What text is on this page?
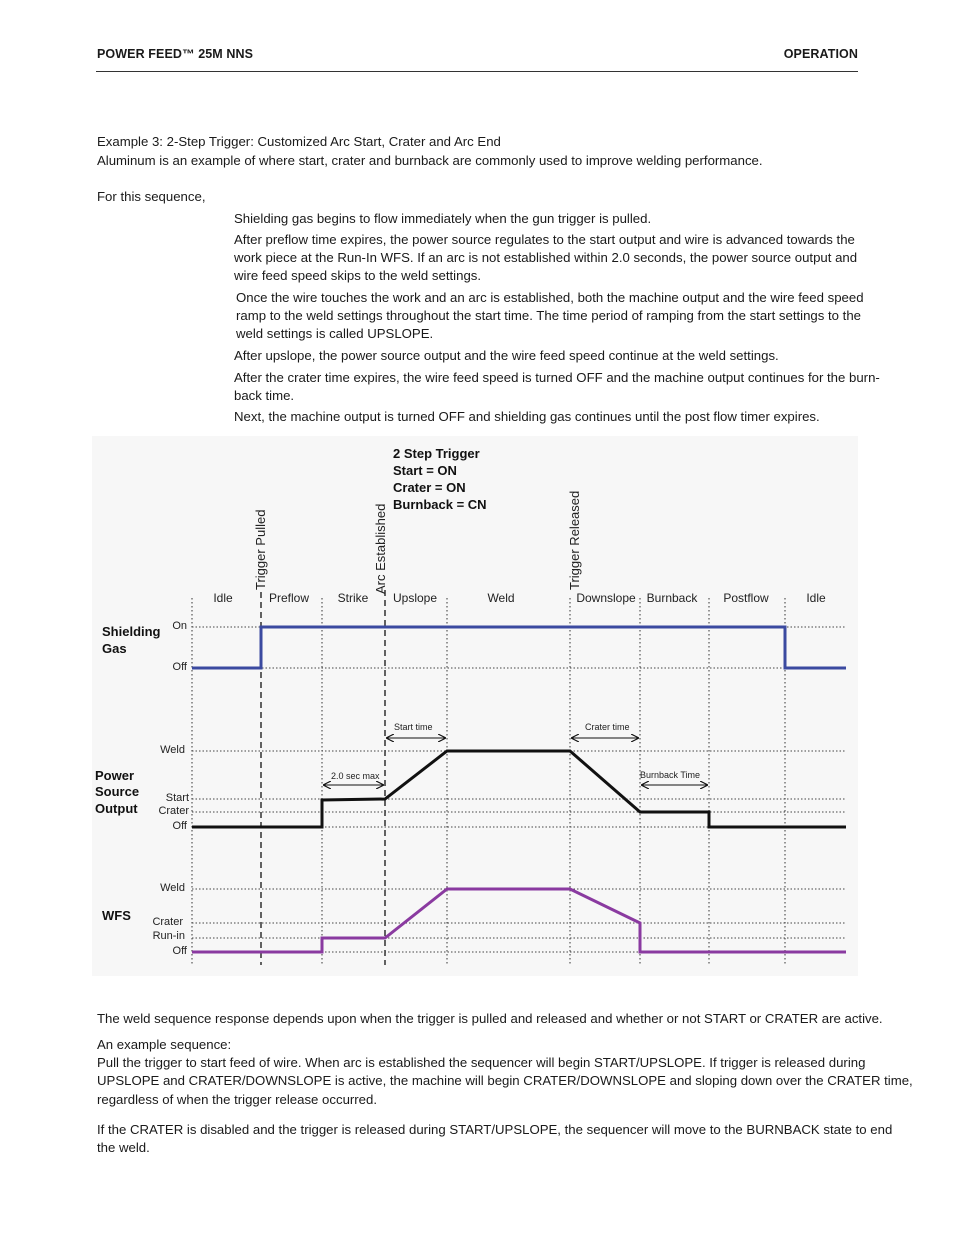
POWER FEED™ 25M NNS	OPERATION
Example 3: 2-Step Trigger: Customized Arc Start, Crater and Arc End
Aluminum is an example of where start, crater and burnback are commonly used to improve welding performance.
For this sequence,
Shielding gas begins to flow immediately when the gun trigger is pulled.
After preflow time expires, the power source regulates to the start output and wire is advanced towards the
work piece at the Run-In WFS. If an arc is not established within 2.0 seconds, the power source output and
wire feed speed skips to the weld settings.
Once the wire touches the work and an arc is established, both the machine output and the wire feed speed
ramp to the weld settings throughout the start time. The time period of ramping from the start settings to the
weld settings is called UPSLOPE.
After upslope, the power source output and the wire feed speed continue at the weld settings.
After the crater time expires, the wire feed speed is turned OFF and the machine output continues for the burn-
back time.
Next, the machine output is turned OFF and shielding gas continues until the post flow timer expires.
2 Step Trigger
Start = ON
Crater = ON
Burnback = CN
Trigger Pulled	Arc Established	Trigger Released
Idle	Preflow Strike Upslope	Weld	Downslope Burnback Postflow	Idle
Shielding
Gas
Power
Source
Output
WFS
On
Off
Weld
Start
Crater
Off
Weld
Crater
Run-in
Off
2.0 sec max
Start time	Crater time
Burnback Time
The weld sequence response depends upon when the trigger is pulled and released and whether or not START or CRATER are active.
An example sequence:
Pull the trigger to start feed of wire. When arc is established the sequencer will begin START/UPSLOPE. If trigger is released during
UPSLOPE and CRATER/DOWNSLOPE is active, the machine will begin CRATER/DOWNSLOPE and sloping down over the CRATER time,
regardless of when the trigger release occurred.
If the CRATER is disabled and the trigger is released during START/UPSLOPE, the sequencer will move to the BURNBACK state to end
the weld.
